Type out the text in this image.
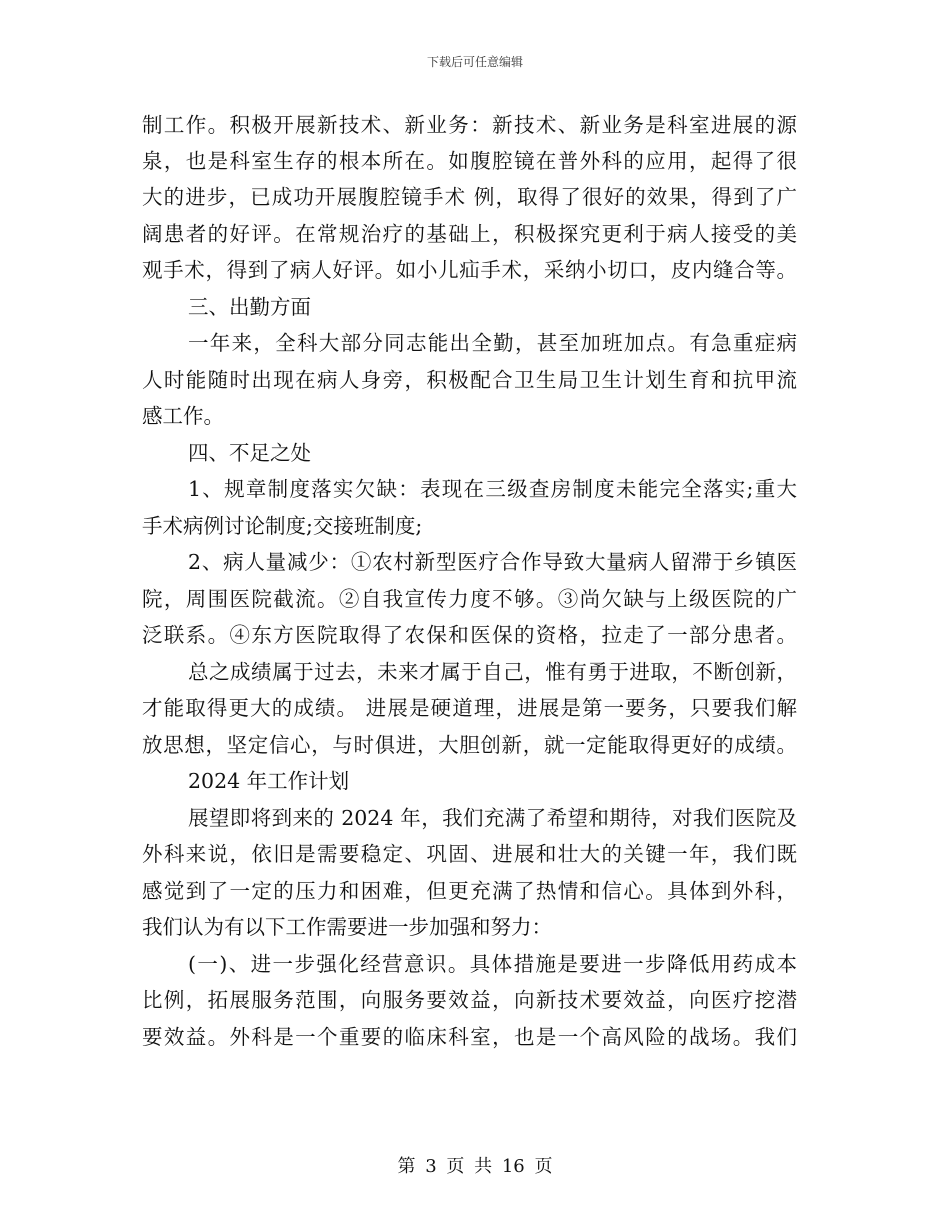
下载后可任意编辑
制工作。积极开展新技术、新业务：新技术、新业务是科室进展的源
泉，也是科室生存的根本所在。如腹腔镜在普外科的应用，起得了很
大的进步，已成功开展腹腔镜手术 例，取得了很好的效果，得到了广
阔患者的好评。在常规治疗的基础上，积极探究更利于病人接受的美
观手术，得到了病人好评。如小儿疝手术，采纳小切口，皮内缝合等。
三、出勤方面
一年来，全科大部分同志能出全勤，甚至加班加点。有急重症病
人时能随时出现在病人身旁，积极配合卫生局卫生计划生育和抗甲流
感工作。
四、不足之处
1、规章制度落实欠缺：表现在三级查房制度未能完全落实;重大
手术病例讨论制度;交接班制度;
2、病人量减少：①农村新型医疗合作导致大量病人留滞于乡镇医
院，周围医院截流。②自我宣传力度不够。③尚欠缺与上级医院的广
泛联系。④东方医院取得了农保和医保的资格，拉走了一部分患者。
总之成绩属于过去，未来才属于自己，惟有勇于进取，不断创新，
才能取得更大的成绩。 进展是硬道理，进展是第一要务，只要我们解
放思想，坚定信心，与时俱进，大胆创新，就一定能取得更好的成绩。
2024 年工作计划
展望即将到来的 2024 年，我们充满了希望和期待，对我们医院及
外科来说，依旧是需要稳定、巩固、进展和壮大的关键一年，我们既
感觉到了一定的压力和困难，但更充满了热情和信心。具体到外科，
我们认为有以下工作需要进一步加强和努力：
(一)、进一步强化经营意识。具体措施是要进一步降低用药成本
比例，拓展服务范围，向服务要效益，向新技术要效益，向医疗挖潜
要效益。外科是一个重要的临床科室，也是一个高风险的战场。我们
第 3 页 共 16 页
